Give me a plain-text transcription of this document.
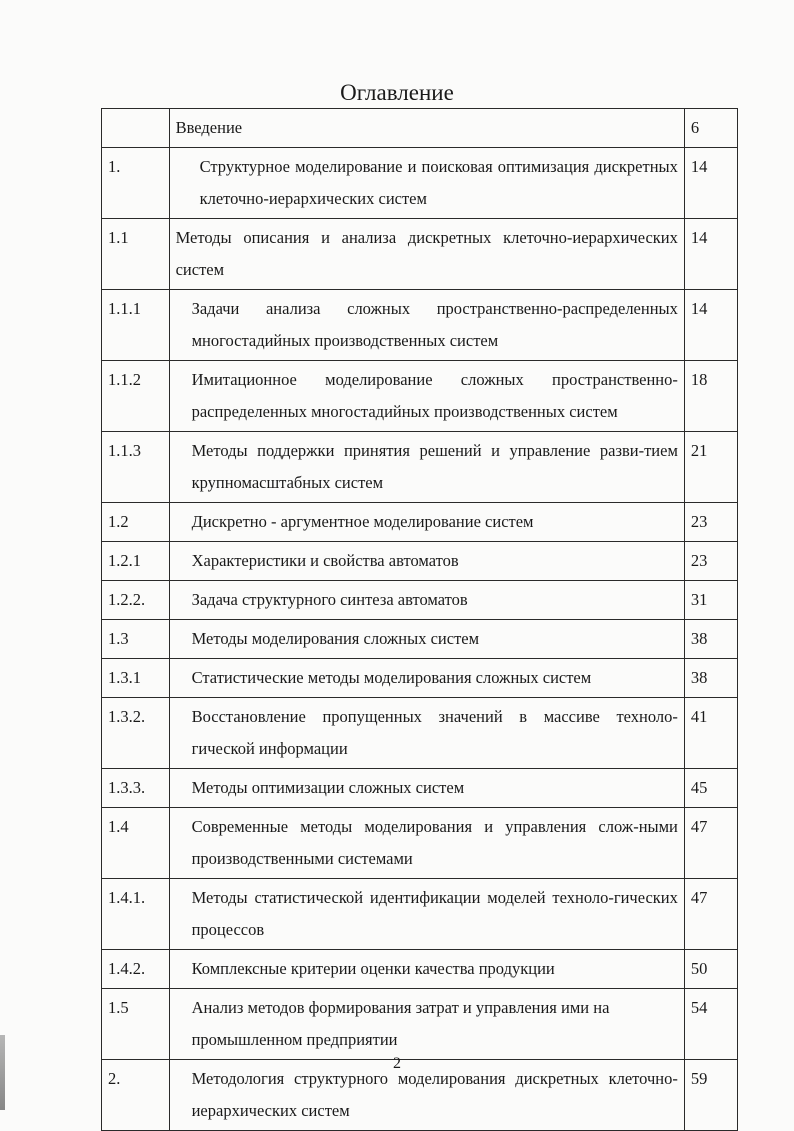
Оглавление
	Введение	6
1.	Структурное моделирование и поисковая оптимизация дискретных клеточно-иерархических систем	14
1.1	Методы описания и анализа дискретных клеточно-иерархических систем	14
1.1.1	Задачи анализа сложных пространственно-распределенных многостадийных производственных систем	14
1.1.2	Имитационное моделирование сложных пространственно-распределенных многостадийных производственных систем	18
1.1.3	Методы поддержки принятия решений и управление разви-тием крупномасштабных систем	21
1.2	Дискретно - аргументное моделирование систем	23
1.2.1	Характеристики и свойства автоматов	23
1.2.2.	Задача структурного синтеза автоматов	31
1.3	Методы моделирования сложных систем	38
1.3.1	Статистические методы моделирования сложных систем	38
1.3.2.	Восстановление пропущенных значений в массиве техноло-гической информации	41
1.3.3.	Методы оптимизации сложных систем	45
1.4	Современные методы моделирования и управления слож-ными производственными системами	47
1.4.1.	Методы статистической идентификации моделей техноло-гических процессов	47
1.4.2.	Комплексные критерии оценки качества продукции	50
1.5	Анализ методов формирования затрат и управления ими на промышленном предприятии	54
2.	Методология структурного моделирования дискретных клеточно-иерархических систем	59
2
